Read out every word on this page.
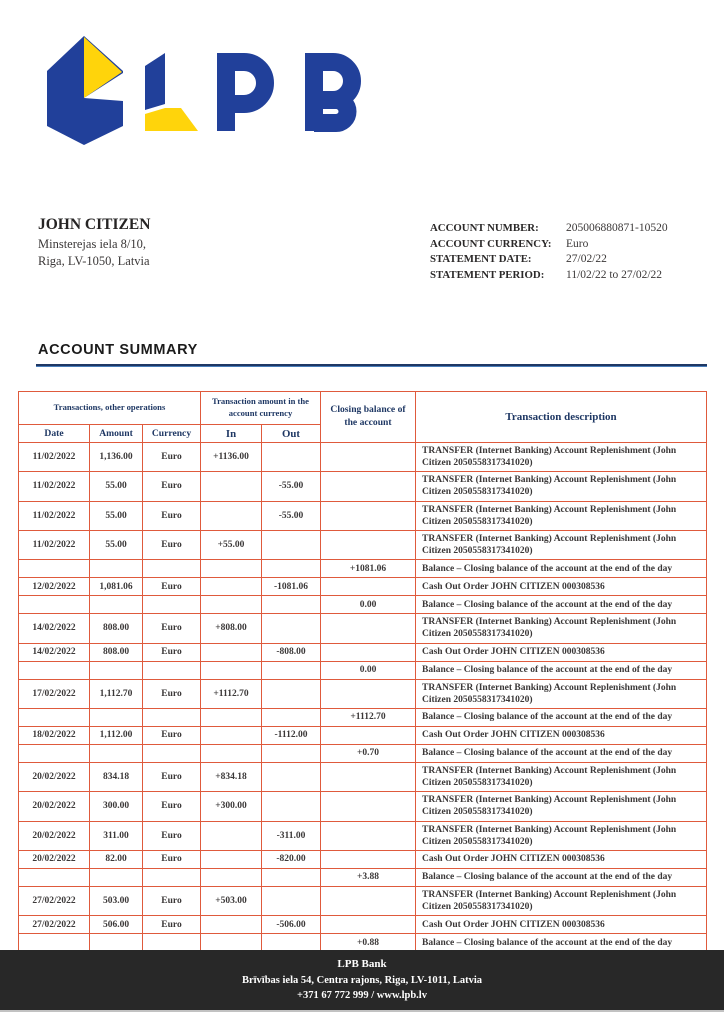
JOHN CITIZEN
Minsterejas iela 8/10,
Riga, LV-1050, Latvia
ACCOUNT NUMBER:	205006880871-10520
ACCOUNT CURRENCY:	Euro
STATEMENT DATE:	27/02/22
STATEMENT PERIOD:	11/02/22 to 27/02/22
ACCOUNT SUMMARY
Transactions, other operations			Transaction amount in the account currency		Closing balance of the account	Transaction description
Date	Amount	Currency	In	Out		
11/02/2022	1,136.00	Euro	+1136.00			TRANSFER (Internet Banking) Account Replenishment (John Citizen 2050558317341020)
11/02/2022	55.00	Euro		-55.00		TRANSFER (Internet Banking) Account Replenishment (John Citizen 2050558317341020)
11/02/2022	55.00	Euro		-55.00		TRANSFER (Internet Banking) Account Replenishment (John Citizen 2050558317341020)
11/02/2022	55.00	Euro	+55.00			TRANSFER (Internet Banking) Account Replenishment (John Citizen 2050558317341020)
					+1081.06	Balance – Closing balance of the account at the end of the day
12/02/2022	1,081.06	Euro		-1081.06		Cash Out Order JOHN CITIZEN 000308536
					0.00	Balance – Closing balance of the account at the end of the day
14/02/2022	808.00	Euro	+808.00			TRANSFER (Internet Banking) Account Replenishment (John Citizen 2050558317341020)
14/02/2022	808.00	Euro		-808.00		Cash Out Order JOHN CITIZEN 000308536
					0.00	Balance – Closing balance of the account at the end of the day
17/02/2022	1,112.70	Euro	+1112.70			TRANSFER (Internet Banking) Account Replenishment (John Citizen 2050558317341020)
					+1112.70	Balance – Closing balance of the account at the end of the day
18/02/2022	1,112.00	Euro		-1112.00		Cash Out Order JOHN CITIZEN 000308536
					+0.70	Balance – Closing balance of the account at the end of the day
20/02/2022	834.18	Euro	+834.18			TRANSFER (Internet Banking) Account Replenishment (John Citizen 2050558317341020)
20/02/2022	300.00	Euro	+300.00			TRANSFER (Internet Banking) Account Replenishment (John Citizen 2050558317341020)
20/02/2022	311.00	Euro		-311.00		TRANSFER (Internet Banking) Account Replenishment (John Citizen 2050558317341020)
20/02/2022	82.00	Euro		-820.00		Cash Out Order JOHN CITIZEN 000308536
					+3.88	Balance – Closing balance of the account at the end of the day
27/02/2022	503.00	Euro	+503.00			TRANSFER (Internet Banking) Account Replenishment (John Citizen 2050558317341020)
27/02/2022	506.00	Euro		-506.00		Cash Out Order JOHN CITIZEN 000308536
					+0.88	Balance – Closing balance of the account at the end of the day
LPB Bank
Brīvības iela 54, Centra rajons, Riga, LV-1011, Latvia
+371 67 772 999 / www.lpb.lv
